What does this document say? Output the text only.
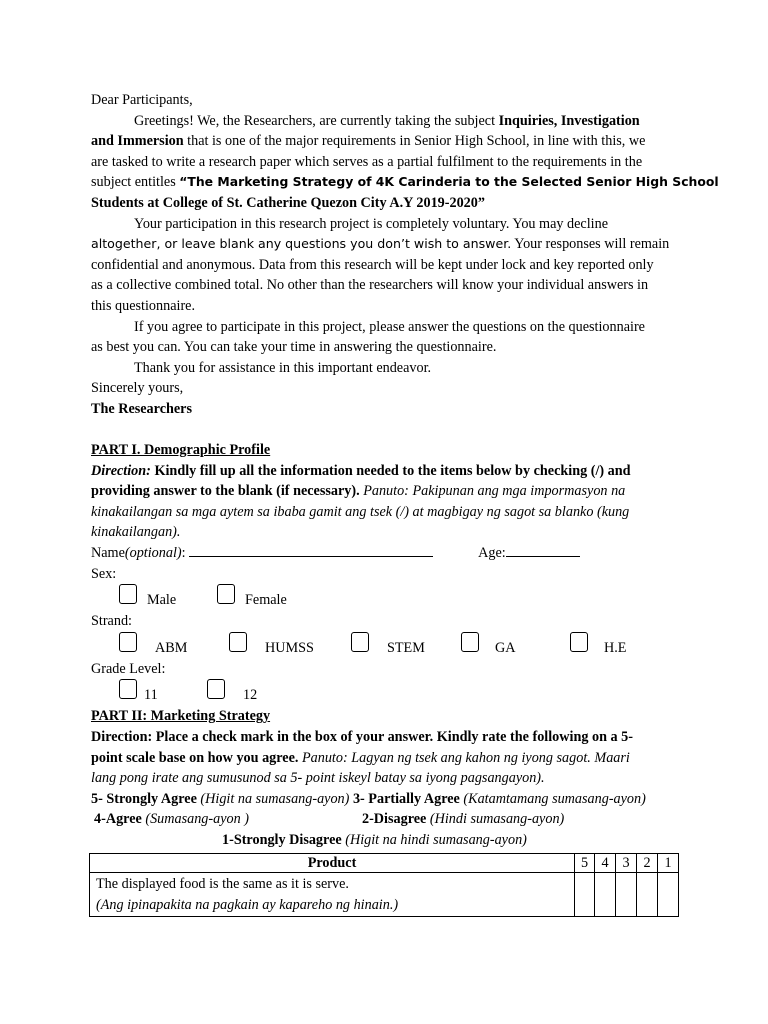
Dear Participants,
Greetings! We, the Researchers, are currently taking the subject Inquiries, Investigation
and Immersion that is one of the major requirements in Senior High School, in line with this, we
are tasked to write a research paper which serves as a partial fulfilment to the requirements in the
subject entitles “The Marketing Strategy of 4K Carinderia to the Selected Senior High School
Students at College of St. Catherine Quezon City A.Y 2019-2020”
Your participation in this research project is completely voluntary. You may decline
altogether, or leave blank any questions you don’t wish to answer. Your responses will remain
confidential and anonymous. Data from this research will be kept under lock and key reported only
as a collective combined total. No other than the researchers will know your individual answers in
this questionnaire.
If you agree to participate in this project, please answer the questions on the questionnaire
as best you can. You can take your time in answering the questionnaire.
Thank you for assistance in this important endeavor.
Sincerely yours,
The Researchers
PART I. Demographic Profile
Direction: Kindly fill up all the information needed to the items below by checking (/) and
providing answer to the blank (if necessary). Panuto: Pakipunan ang mga impormasyon na
kinakailangan sa mga aytem sa ibaba gamit ang tsek (/) at magbigay ng sagot sa blanko (kung
kinakailangan).
Name(optional):	Age:
Sex:
Male	Female
Strand:
ABM	HUMSS	STEM	GA	H.E
Grade Level:
11	12
PART II: Marketing Strategy
Direction: Place a check mark in the box of your answer. Kindly rate the following on a 5-
point scale base on how you agree. Panuto: Lagyan ng tsek ang kahon ng iyong sagot. Maari
lang pong irate ang sumusunod sa 5- point iskeyl batay sa iyong pagsangayon).
5- Strongly Agree (Higit na sumasang-ayon) 3- Partially Agree (Katamtamang sumasang-ayon)
4-Agree (Sumasang-ayon )	2-Disagree (Hindi sumasang-ayon)
1-Strongly Disagree (Higit na hindi sumasang-ayon)
Product	5	4	3	2	1

The displayed food is the same as it is serve.
(Ang ipinapakita na pagkain ay kapareho ng hinain.)					
